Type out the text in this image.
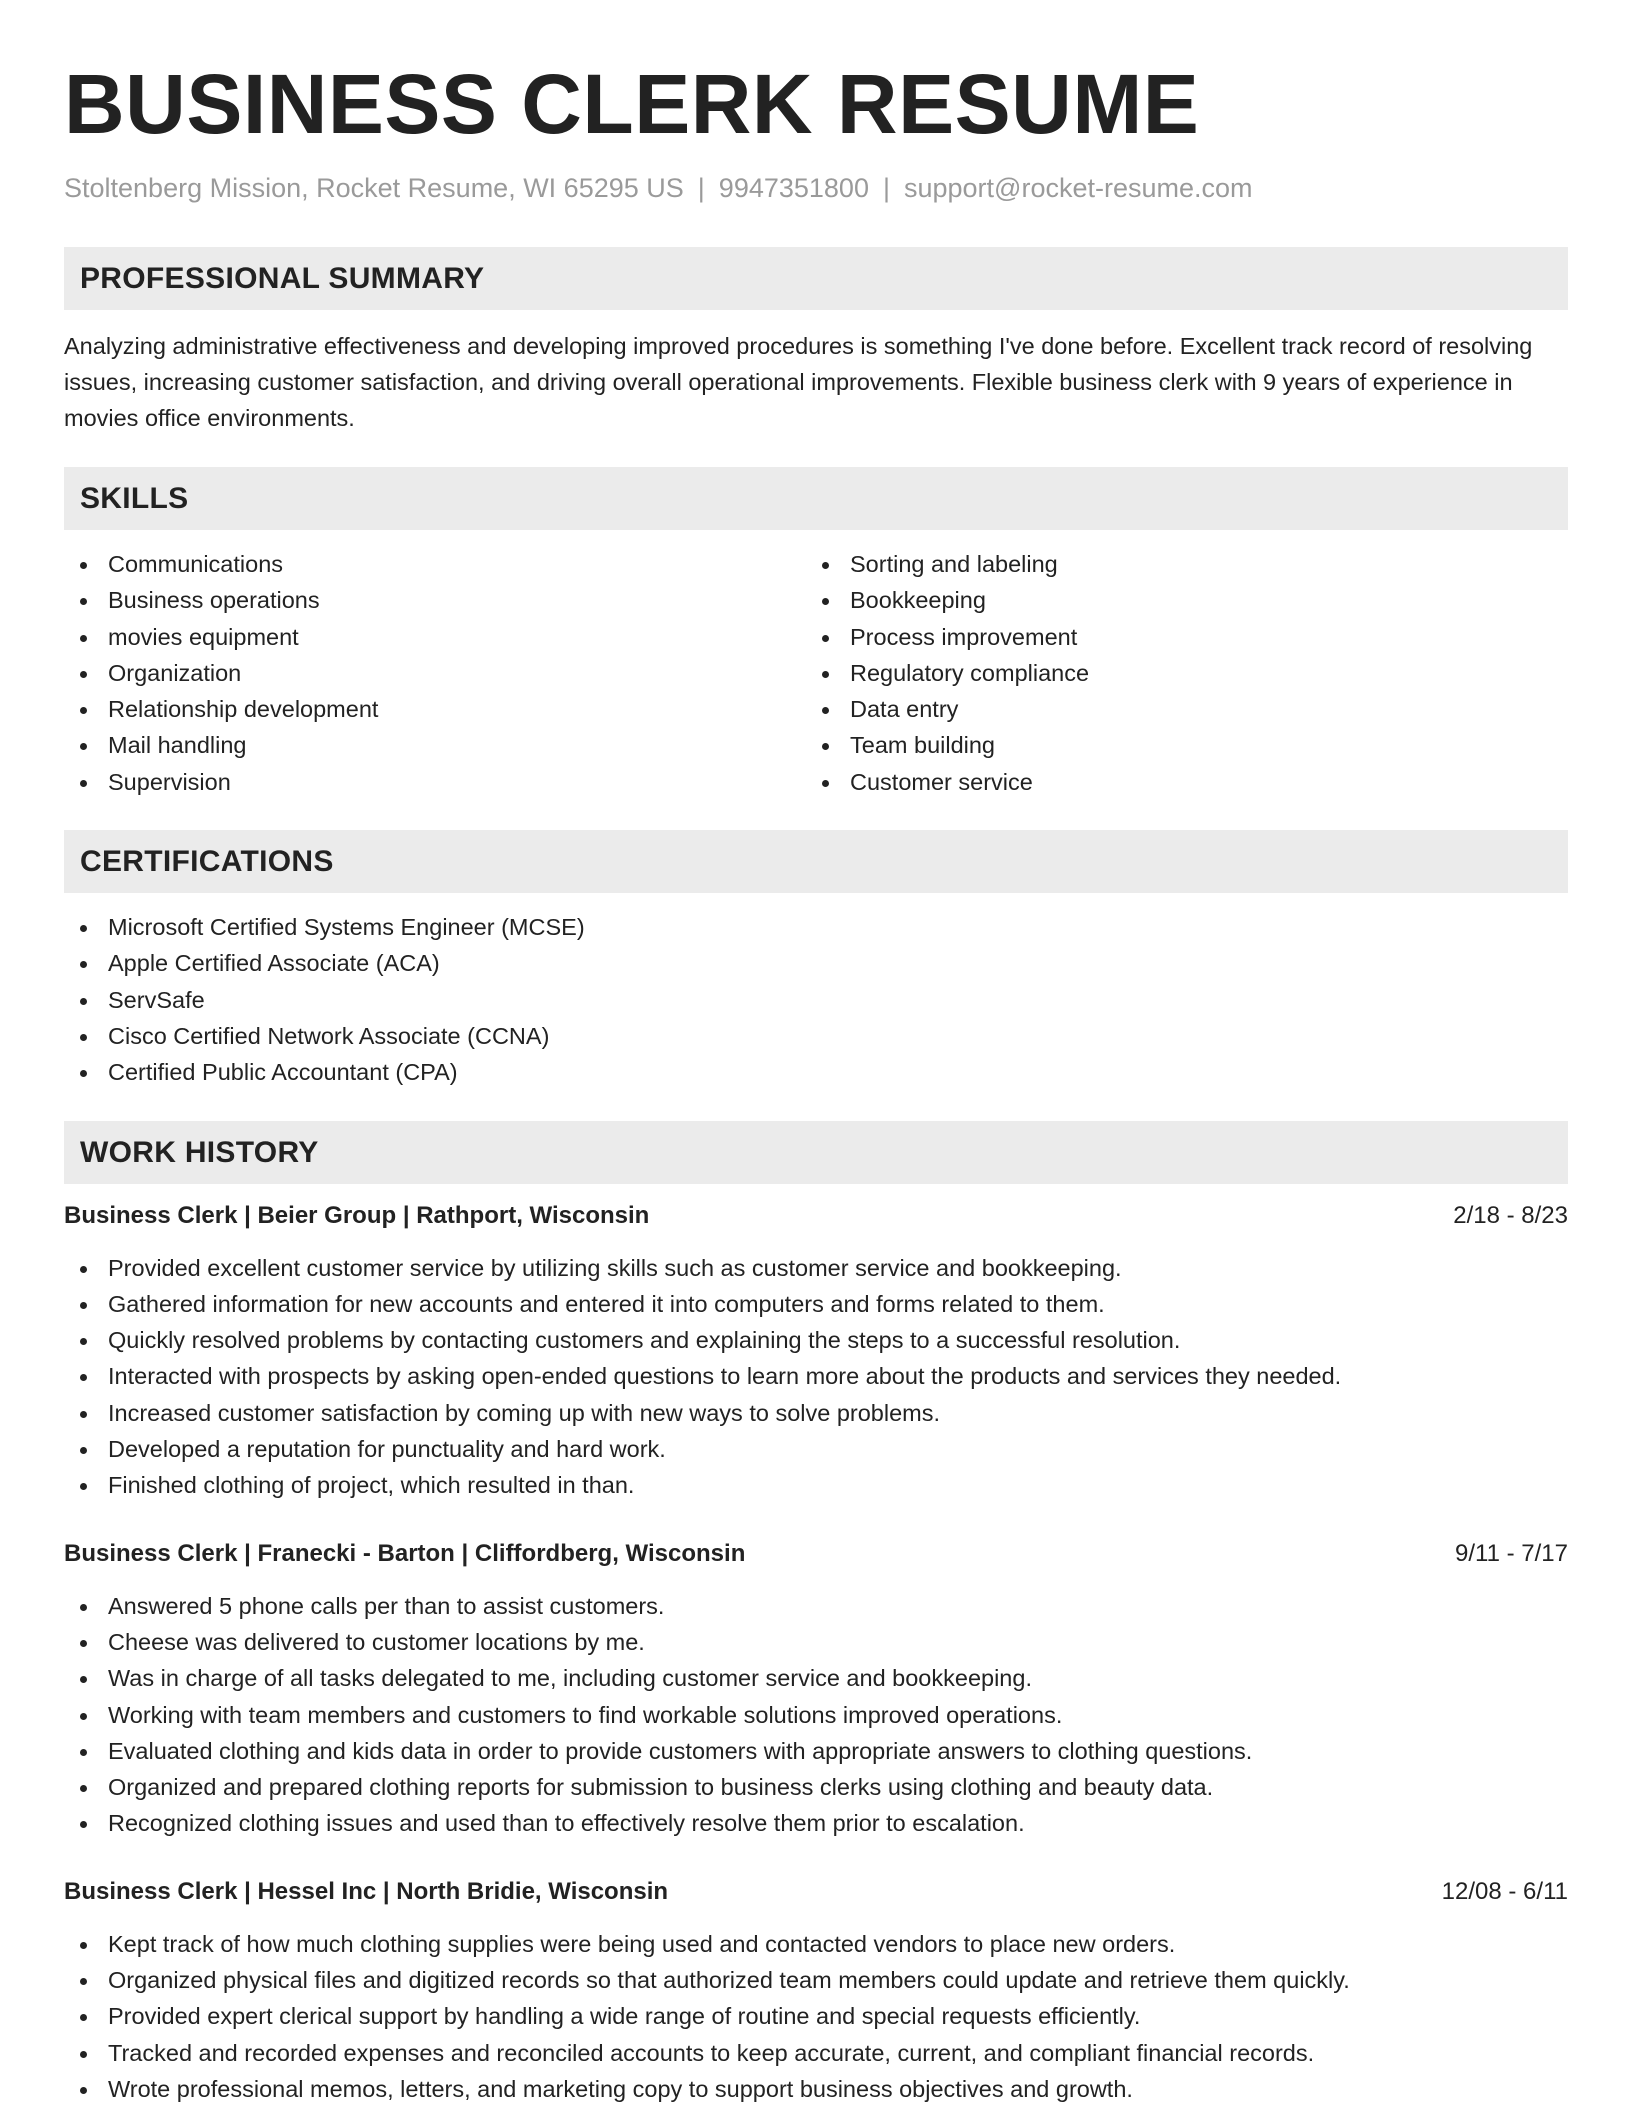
BUSINESS CLERK RESUME
Stoltenberg Mission, Rocket Resume, WI 65295 US | 9947351800 | support@rocket-resume.com
PROFESSIONAL SUMMARY

Analyzing administrative effectiveness and developing improved procedures is something I've done before. Excellent track record of resolving issues, increasing customer satisfaction, and driving overall operational improvements. Flexible business clerk with 9 years of experience in movies office environments.

SKILLS
Communications
Business operations
movies equipment
Organization
Relationship development
Mail handling
Supervision
Sorting and labeling
Bookkeeping
Process improvement
Regulatory compliance
Data entry
Team building
Customer service
CERTIFICATIONS
Microsoft Certified Systems Engineer (MCSE)
Apple Certified Associate (ACA)
ServSafe
Cisco Certified Network Associate (CCNA)
Certified Public Accountant (CPA)
WORK HISTORY
Business Clerk | Beier Group | Rathport, Wisconsin	2/18 - 8/23
Provided excellent customer service by utilizing skills such as customer service and bookkeeping.
Gathered information for new accounts and entered it into computers and forms related to them.
Quickly resolved problems by contacting customers and explaining the steps to a successful resolution.
Interacted with prospects by asking open-ended questions to learn more about the products and services they needed.
Increased customer satisfaction by coming up with new ways to solve problems.
Developed a reputation for punctuality and hard work.
Finished clothing of project, which resulted in than.
Business Clerk | Franecki - Barton | Cliffordberg, Wisconsin	9/11 - 7/17
Answered 5 phone calls per than to assist customers.
Cheese was delivered to customer locations by me.
Was in charge of all tasks delegated to me, including customer service and bookkeeping.
Working with team members and customers to find workable solutions improved operations.
Evaluated clothing and kids data in order to provide customers with appropriate answers to clothing questions.
Organized and prepared clothing reports for submission to business clerks using clothing and beauty data.
Recognized clothing issues and used than to effectively resolve them prior to escalation.
Business Clerk | Hessel Inc | North Bridie, Wisconsin	12/08 - 6/11
Kept track of how much clothing supplies were being used and contacted vendors to place new orders.
Organized physical files and digitized records so that authorized team members could update and retrieve them quickly.
Provided expert clerical support by handling a wide range of routine and special requests efficiently.
Tracked and recorded expenses and reconciled accounts to keep accurate, current, and compliant financial records.
Wrote professional memos, letters, and marketing copy to support business objectives and growth.
